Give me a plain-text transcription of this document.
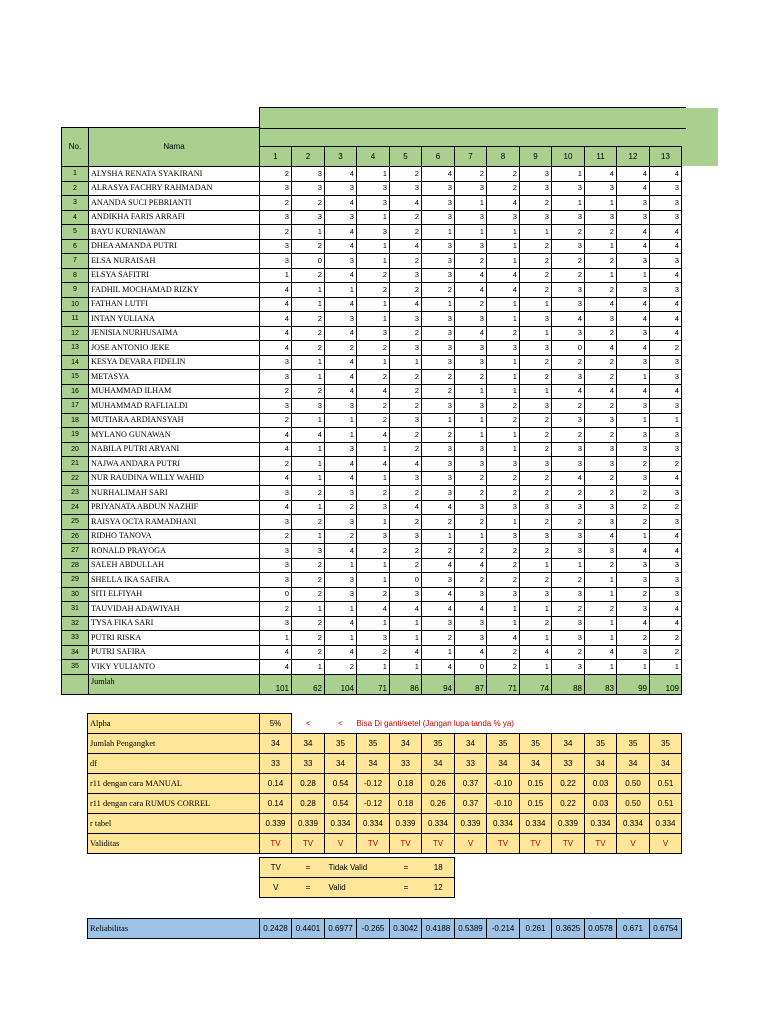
No.	Nama													
		1	2	3	4	5	6	7	8	9	10	11	12	13
1	ALYSHA RENATA SYAKIRANI	2	3	4	1	2	4	2	2	3	1	4	4	4
2	ALRASYA FACHRY RAHMADAN	3	3	3	3	3	3	3	2	3	3	3	4	3
3	ANANDA SUCI PEBRIANTI	2	2	4	3	4	3	1	4	2	1	1	3	3
4	ANDIKHA FARIS ARRAFI	3	3	3	1	2	3	3	3	3	3	3	3	3
5	BAYU KURNIAWAN	2	1	4	3	2	1	1	1	1	2	2	4	4
6	DHEA AMANDA PUTRI	3	2	4	1	4	3	3	1	2	3	1	4	4
7	ELSA NURAISAH	3	0	3	1	2	3	2	1	2	2	2	3	3
8	ELSYA SAFITRI	1	2	4	2	3	3	4	4	2	2	1	1	4
9	FADHIL MOCHAMAD RIZKY	4	1	1	2	2	2	4	4	2	3	2	3	3
10	FATHAN LUTFI	4	1	4	1	4	1	2	1	1	3	4	4	4
11	INTAN YULIANA	4	2	3	1	3	3	3	1	3	4	3	4	4
12	JENISIA NURHUSAIMA	4	2	4	3	2	3	4	2	1	3	2	3	4
13	JOSE ANTONIO JEKE	4	2	2	2	3	3	3	3	3	0	4	4	2
14	KESYA DEVARA FIDELIN	3	1	4	1	1	3	3	1	2	2	2	3	3
15	METASYA	3	1	4	2	2	2	2	1	2	3	2	1	3
16	MUHAMMAD ILHAM	2	2	4	4	2	2	1	1	1	4	4	4	4
17	MUHAMMAD RAFLIALDI	3	3	3	2	2	3	3	2	3	2	2	3	3
18	MUTIARA ARDIANSYAH	2	1	1	2	3	1	1	2	2	3	3	1	1
19	MYLANO GUNAWAN	4	4	1	4	2	2	1	1	2	2	2	3	3
20	NABILA PUTRI ARYANI	4	1	3	1	2	3	3	1	2	3	3	3	3
21	NAJWA ANDARA PUTRI	2	1	4	4	4	3	3	3	3	3	3	2	2
22	NUR RAUDINA WILLY WAHID	4	1	4	1	3	3	2	2	2	4	2	3	4
23	NURHALIMAH SARI	3	2	3	2	2	3	2	2	2	2	2	2	3
24	PRIYANATA ABDUN NAZHIF	4	1	2	3	4	4	3	3	3	3	3	2	2
25	RAISYA OCTA RAMADHANI	3	2	3	1	2	2	2	1	2	2	3	2	3
26	RIDHO TANOVA	2	1	2	3	3	1	1	3	3	3	4	1	4
27	RONALD PRAYOGA	3	3	4	2	2	2	2	2	2	3	3	4	4
28	SALEH ABDULLAH	3	2	1	1	2	4	4	2	1	1	2	3	3
29	SHELLA IKA SAFIRA	3	2	3	1	0	3	2	2	2	2	1	3	3
30	SITI ELFIYAH	0	2	3	2	3	4	3	3	3	3	1	2	3
31	TAUVIDAH ADAWIYAH	2	1	1	4	4	4	4	1	1	2	2	3	4
32	TYSA FIKA SARI	3	2	4	1	1	3	3	1	2	3	1	4	4
33	PUTRI RISKA	1	2	1	3	1	2	3	4	1	3	1	2	2
34	PUTRI SAFIRA	4	2	4	2	4	1	4	2	4	2	4	3	2
35	VIKY YULIANTO	4	1	2	1	1	4	0	2	1	3	1	1	1
	Jumlah	101	62	104	71	86	94	87	71	74	88	83	99	109
Alpha	5%	<	<	Bisa Di ganti/setel (Jangan lupa tanda % ya)									
Jumlah Pengangket	34	34	35	35	34	35	34	35	35	34	35	35	35
df	33	33	34	34	33	34	33	34	34	33	34	34	34
r11 dengan cara MANUAL	0.14	0.28	0.54	-0.12	0.18	0.26	0.37	-0.10	0.15	0.22	0.03	0.50	0.51
r11 dengan cara RUMUS CORREL	0.14	0.28	0.54	-0.12	0.18	0.26	0.37	-0.10	0.15	0.22	0.03	0.50	0.51
r tabel	0.339	0.339	0.334	0.334	0.339	0.334	0.339	0.334	0.334	0.339	0.334	0.334	0.334
Validitas	TV	TV	V	TV	TV	TV	V	TV	TV	TV	TV	V	V
TV	=	Tidak Valid	=	18
V	=	Valid	=	12
Reliabilitas	0.2428	0.4401	0.6977	-0.265	0.3042	0.4188	0.5389	-0.214	0.261	0.3625	0.0578	0.671	0.6754
